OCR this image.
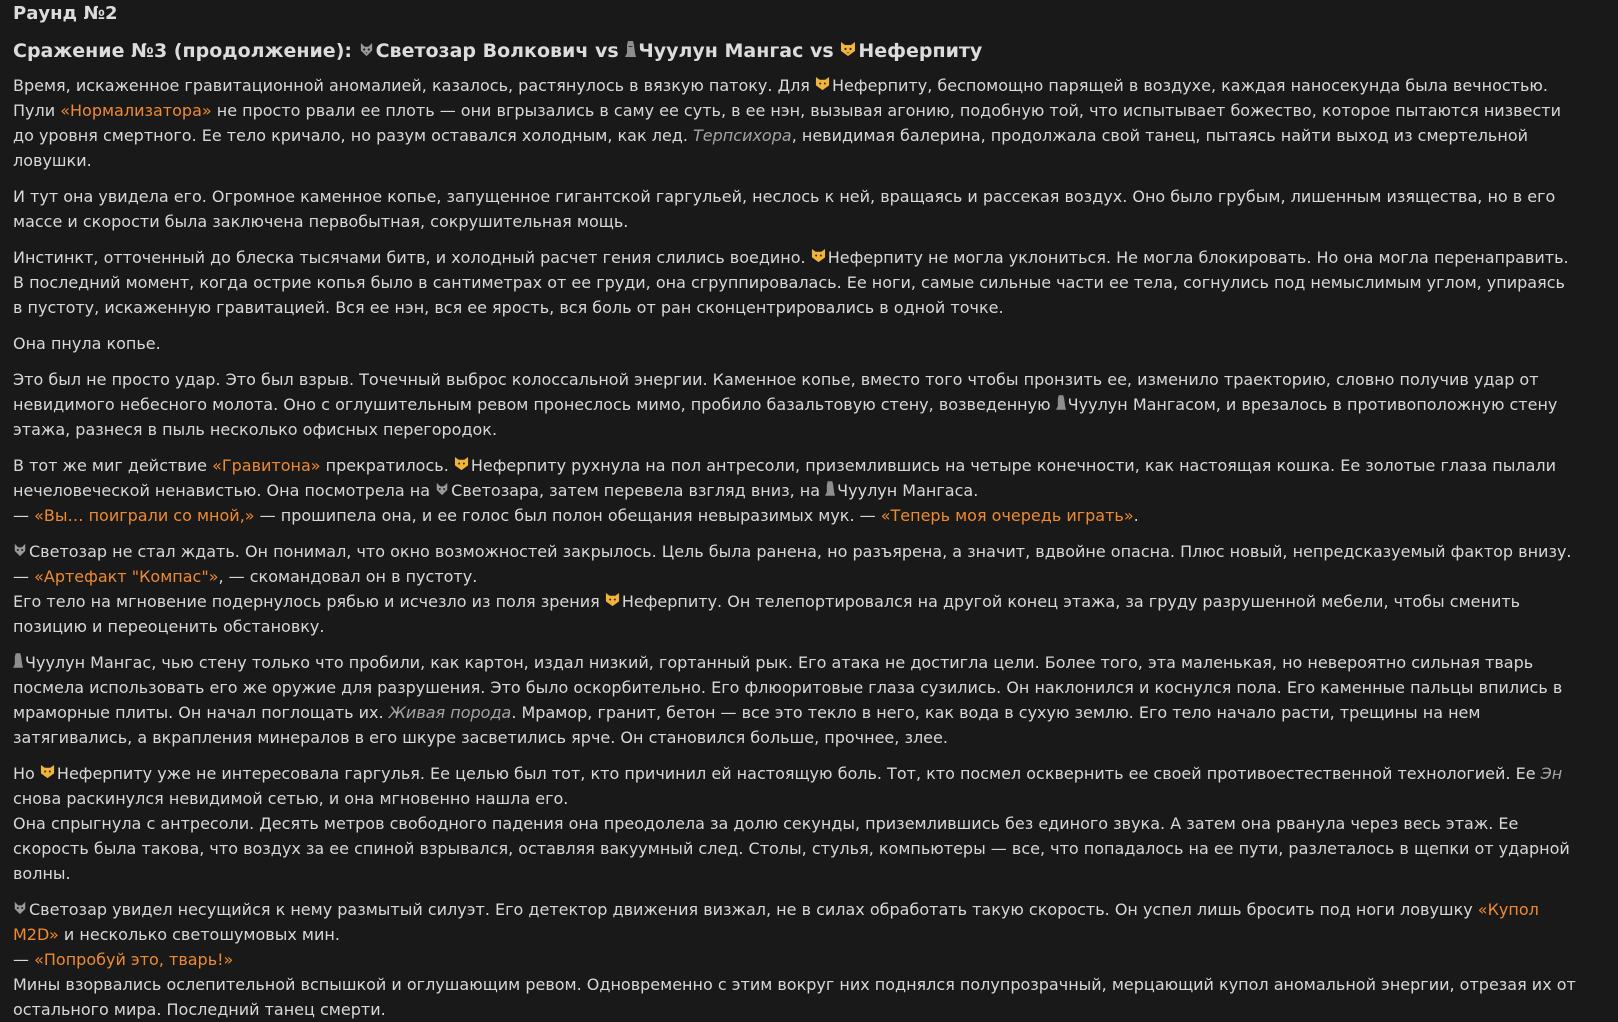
Раунд №2
Сражение №3 (продолжение): Светозар Волкович vs Чуулун Мангас vs Неферпиту

Время, искаженное гравитационной аномалией, казалось, растянулось в вязкую патоку. Для Неферпиту, беспомощно парящей в воздухе, каждая наносекунда была вечностью. Пули «Нормализатора» не просто рвали ее плоть — они вгрызались в саму ее суть, в ее нэн, вызывая агонию, подобную той, что испытывает божество, которое пытаются низвести до уровня смертного. Ее тело кричало, но разум оставался холодным, как лед. Терпсихора, невидимая балерина, продолжала свой танец, пытаясь найти выход из смертельной ловушки.

И тут она увидела его. Огромное каменное копье, запущенное гигантской гаргульей, неслось к ней, вращаясь и рассекая воздух. Оно было грубым, лишенным изящества, но в его массе и скорости была заключена первобытная, сокрушительная мощь.

Инстинкт, отточенный до блеска тысячами битв, и холодный расчет гения слились воедино. Неферпиту не могла уклониться. Не могла блокировать. Но она могла перенаправить. В последний момент, когда острие копья было в сантиметрах от ее груди, она сгруппировалась. Ее ноги, самые сильные части ее тела, согнулись под немыслимым углом, упираясь в пустоту, искаженную гравитацией. Вся ее нэн, вся ее ярость, вся боль от ран сконцентрировались в одной точке.

Она пнула копье.

Это был не просто удар. Это был взрыв. Точечный выброс колоссальной энергии. Каменное копье, вместо того чтобы пронзить ее, изменило траекторию, словно получив удар от невидимого небесного молота. Оно с оглушительным ревом пронеслось мимо, пробило базальтовую стену, возведенную Чуулун Мангасом, и врезалось в противоположную стену этажа, разнеся в пыль несколько офисных перегородок.

В тот же миг действие «Гравитона» прекратилось. Неферпиту рухнула на пол антресоли, приземлившись на четыре конечности, как настоящая кошка. Ее золотые глаза пылали нечеловеческой ненавистью. Она посмотрела на Светозара, затем перевела взгляд вниз, на Чуулун Мангаса.
— «Вы… поиграли со мной,» — прошипела она, и ее голос был полон обещания невыразимых мук. — «Теперь моя очередь играть».

Светозар не стал ждать. Он понимал, что окно возможностей закрылось. Цель была ранена, но разъярена, а значит, вдвойне опасна. Плюс новый, непредсказуемый фактор внизу.
— «Артефакт "Компас"», — скомандовал он в пустоту.
Его тело на мгновение подернулось рябью и исчезло из поля зрения Неферпиту. Он телепортировался на другой конец этажа, за груду разрушенной мебели, чтобы сменить позицию и переоценить обстановку.

Чуулун Мангас, чью стену только что пробили, как картон, издал низкий, гортанный рык. Его атака не достигла цели. Более того, эта маленькая, но невероятно сильная тварь посмела использовать его же оружие для разрушения. Это было оскорбительно. Его флюоритовые глаза сузились. Он наклонился и коснулся пола. Его каменные пальцы впились в мраморные плиты. Он начал поглощать их. Живая порода. Мрамор, гранит, бетон — все это текло в него, как вода в сухую землю. Его тело начало расти, трещины на нем затягивались, а вкрапления минералов в его шкуре засветились ярче. Он становился больше, прочнее, злее.

Но Неферпиту уже не интересовала гаргулья. Ее целью был тот, кто причинил ей настоящую боль. Тот, кто посмел осквернить ее своей противоестественной технологией. Ее Эн снова раскинулся невидимой сетью, и она мгновенно нашла его.
Она спрыгнула с антресоли. Десять метров свободного падения она преодолела за долю секунды, приземлившись без единого звука. А затем она рванула через весь этаж. Ее скорость была такова, что воздух за ее спиной взрывался, оставляя вакуумный след. Столы, стулья, компьютеры — все, что попадалось на ее пути, разлеталось в щепки от ударной волны.

Светозар увидел несущийся к нему размытый силуэт. Его детектор движения визжал, не в силах обработать такую скорость. Он успел лишь бросить под ноги ловушку «Купол M2D» и несколько светошумовых мин.
— «Попробуй это, тварь!»
Мины взорвались ослепительной вспышкой и оглушающим ревом. Одновременно с этим вокруг них поднялся полупрозрачный, мерцающий купол аномальной энергии, отрезая их от остального мира. Последний танец смерти.
